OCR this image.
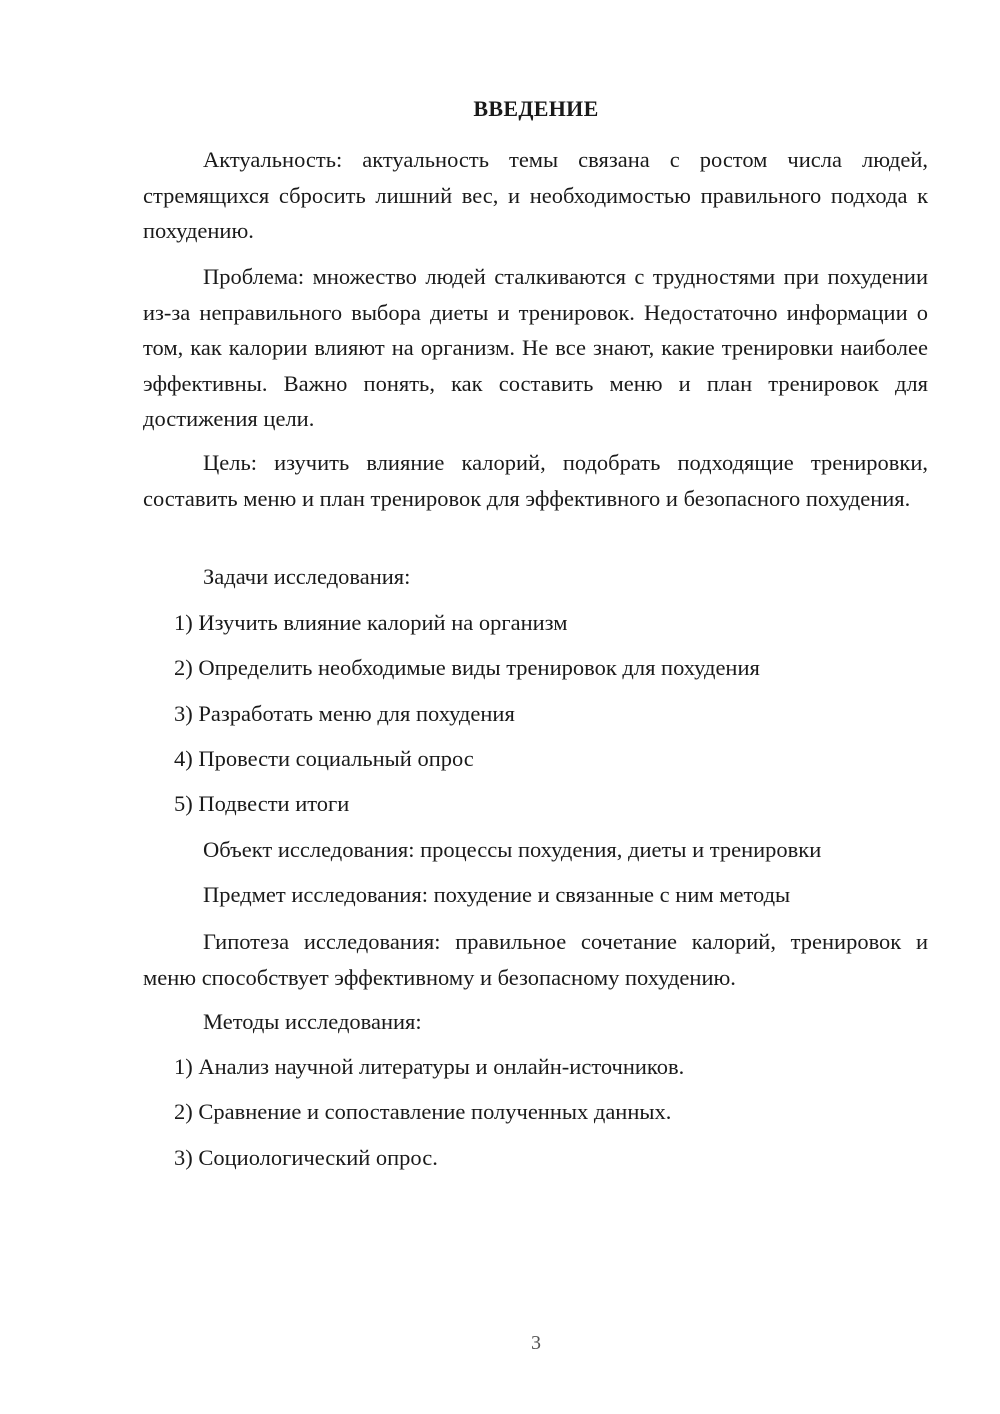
ВВЕДЕНИЕ

Актуальность: актуальность темы связана с ростом числа людей, стремящихся сбросить лишний вес, и необходимостью правильного подхода к похудению.

Проблема: множество людей сталкиваются с трудностями при похудении из-за неправильного выбора диеты и тренировок. Недостаточно информации о том, как калории влияют на организм. Не все знают, какие тренировки наиболее эффективны. Важно понять, как составить меню и план тренировок для достижения цели.

Цель: изучить влияние калорий, подобрать подходящие тренировки, составить меню и план тренировок для эффективного и безопасного похудения.

Задачи исследования:

1) Изучить влияние калорий на организм

2) Определить необходимые виды тренировок для похудения

3) Разработать меню для похудения

4) Провести социальный опрос

5) Подвести итоги

Объект исследования: процессы похудения, диеты и тренировки

Предмет исследования: похудение и связанные с ним методы

Гипотеза исследования: правильное сочетание калорий, тренировок и меню способствует эффективному и безопасному похудению.

Методы исследования:

1) Анализ научной литературы и онлайн-источников.

2) Сравнение и сопоставление полученных данных.

3) Социологический опрос.

3
